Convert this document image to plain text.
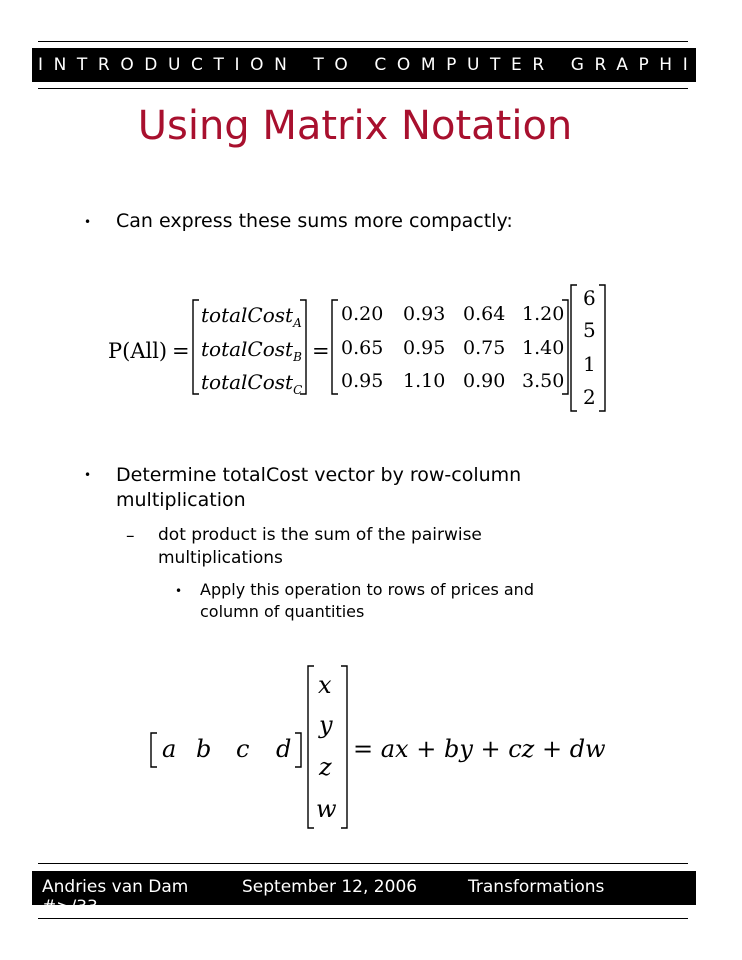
INTRODUCTION TO COMPUTER GRAPHICS
Using Matrix Notation
• Can express these sums more compactly:
P(All) =
totalCost$_A$
totalCost$_B$
totalCost$_C$
=
0.20 0.93 0.64 1.20
0.65 0.95 0.75 1.40
0.95 1.10 0.90 3.50
6
5
1
2
• Determine totalCost vector by row-column
multiplication
– dot product is the sum of the pairwise
multiplications
• Apply this operation to rows of prices and
column of quantities
a b c d
x
y
z
w
= ax + by + cz + dw
Andries van Dam	September 12, 2006	Transformations
#>/33
